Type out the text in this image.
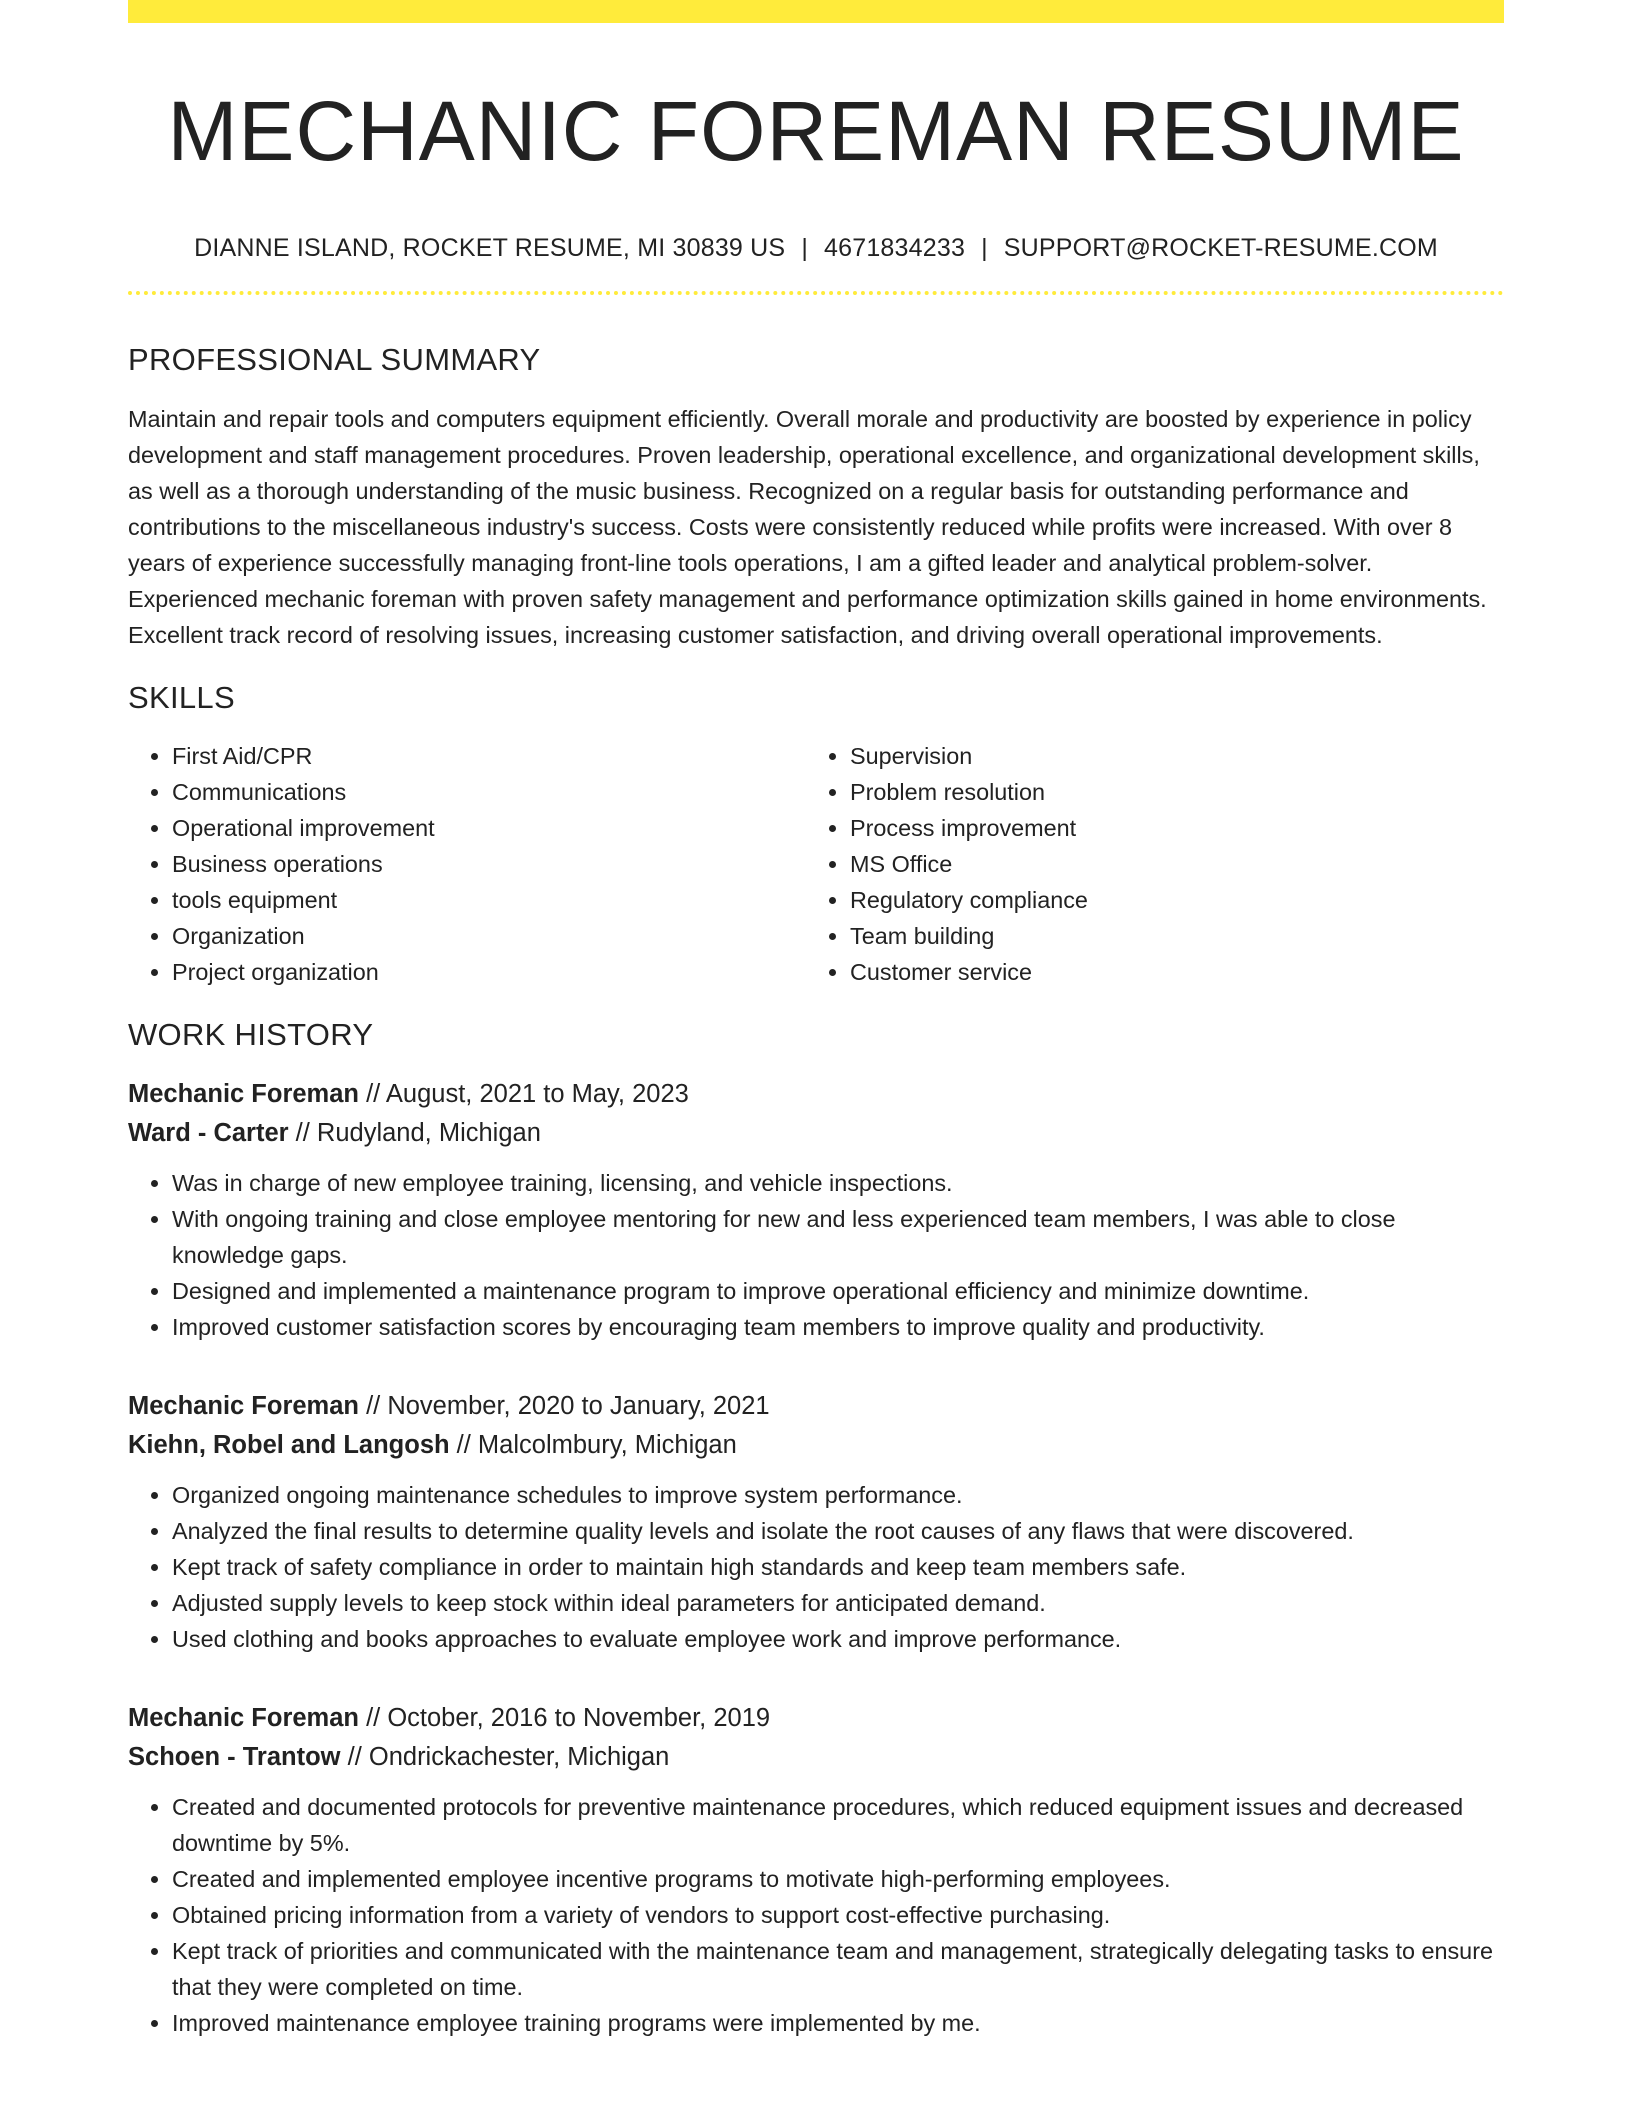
MECHANIC FOREMAN RESUME
DIANNE ISLAND, ROCKET RESUME, MI 30839 US | 4671834233 | SUPPORT@ROCKET-RESUME.COM
PROFESSIONAL SUMMARY

Maintain and repair tools and computers equipment efficiently. Overall morale and productivity are boosted by experience in policy development and staff management procedures. Proven leadership, operational excellence, and organizational development skills, as well as a thorough understanding of the music business. Recognized on a regular basis for outstanding performance and contributions to the miscellaneous industry's success. Costs were consistently reduced while profits were increased. With over 8 years of experience successfully managing front-line tools operations, I am a gifted leader and analytical problem-solver. Experienced mechanic foreman with proven safety management and performance optimization skills gained in home environments. Excellent track record of resolving issues, increasing customer satisfaction, and driving overall operational improvements.

SKILLS
• First Aid/CPR
• Communications
• Operational improvement
• Business operations
• tools equipment
• Organization
• Project organization
• Supervision
• Problem resolution
• Process improvement
• MS Office
• Regulatory compliance
• Team building
• Customer service
WORK HISTORY
Mechanic Foreman // August, 2021 to May, 2023
Ward - Carter // Rudyland, Michigan
• Was in charge of new employee training, licensing, and vehicle inspections.
• With ongoing training and close employee mentoring for new and less experienced team members, I was able to close knowledge gaps.
• Designed and implemented a maintenance program to improve operational efficiency and minimize downtime.
• Improved customer satisfaction scores by encouraging team members to improve quality and productivity.
Mechanic Foreman // November, 2020 to January, 2021
Kiehn, Robel and Langosh // Malcolmbury, Michigan
• Organized ongoing maintenance schedules to improve system performance.
• Analyzed the final results to determine quality levels and isolate the root causes of any flaws that were discovered.
• Kept track of safety compliance in order to maintain high standards and keep team members safe.
• Adjusted supply levels to keep stock within ideal parameters for anticipated demand.
• Used clothing and books approaches to evaluate employee work and improve performance.
Mechanic Foreman // October, 2016 to November, 2019
Schoen - Trantow // Ondrickachester, Michigan
• Created and documented protocols for preventive maintenance procedures, which reduced equipment issues and decreased downtime by 5%.
• Created and implemented employee incentive programs to motivate high-performing employees.
• Obtained pricing information from a variety of vendors to support cost-effective purchasing.
• Kept track of priorities and communicated with the maintenance team and management, strategically delegating tasks to ensure that they were completed on time.
• Improved maintenance employee training programs were implemented by me.
